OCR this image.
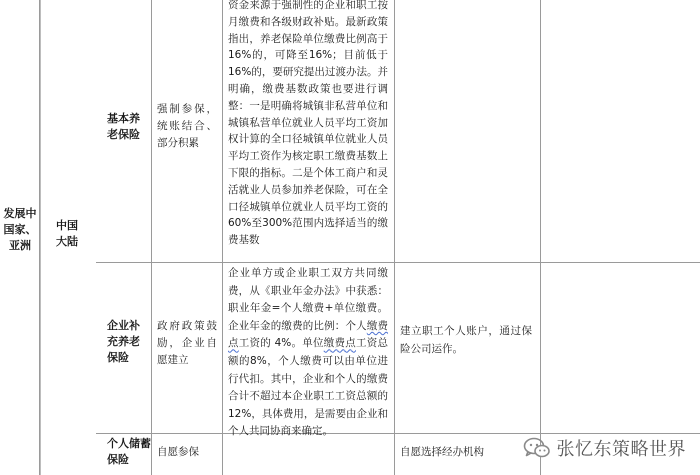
发展中国家、亚洲
中国大陆
基本养老保险
强制参保，统账结合、部分积累
资金来源于强制性的企业和职工按月缴费和各级财政补贴。最新政策指出，养老保险单位缴费比例高于16%的，可降至16%；目前低于16%的，要研究提出过渡办法。并明确，缴费基数政策也要进行调整：一是明确将城镇非私营单位和城镇私营单位就业人员平均工资加权计算的全口径城镇单位就业人员平均工资作为核定职工缴费基数上下限的指标。二是个体工商户和灵活就业人员参加养老保险，可在全口径城镇单位就业人员平均工资的 60%至300%范围内选择适当的缴费基数
企业补充养老保险
政府政策鼓励，企业自愿建立
企业单方或企业职工双方共同缴费，从《职业年金办法》中获悉：职业年金=个人缴费+单位缴费。企业年金的缴费的比例：个人缴费点工资的 4%。单位缴费点工资总额的8%，个人缴费可以由单位进行代扣。其中，企业和个人的缴费合计不超过本企业职工工资总额的 12%，具体费用，是需要由企业和个人共同协商来确定。
建立职工个人账户，通过保险公司运作。
个人储蓄保险
自愿参保	自愿选择经办机构	张忆东策略世界
